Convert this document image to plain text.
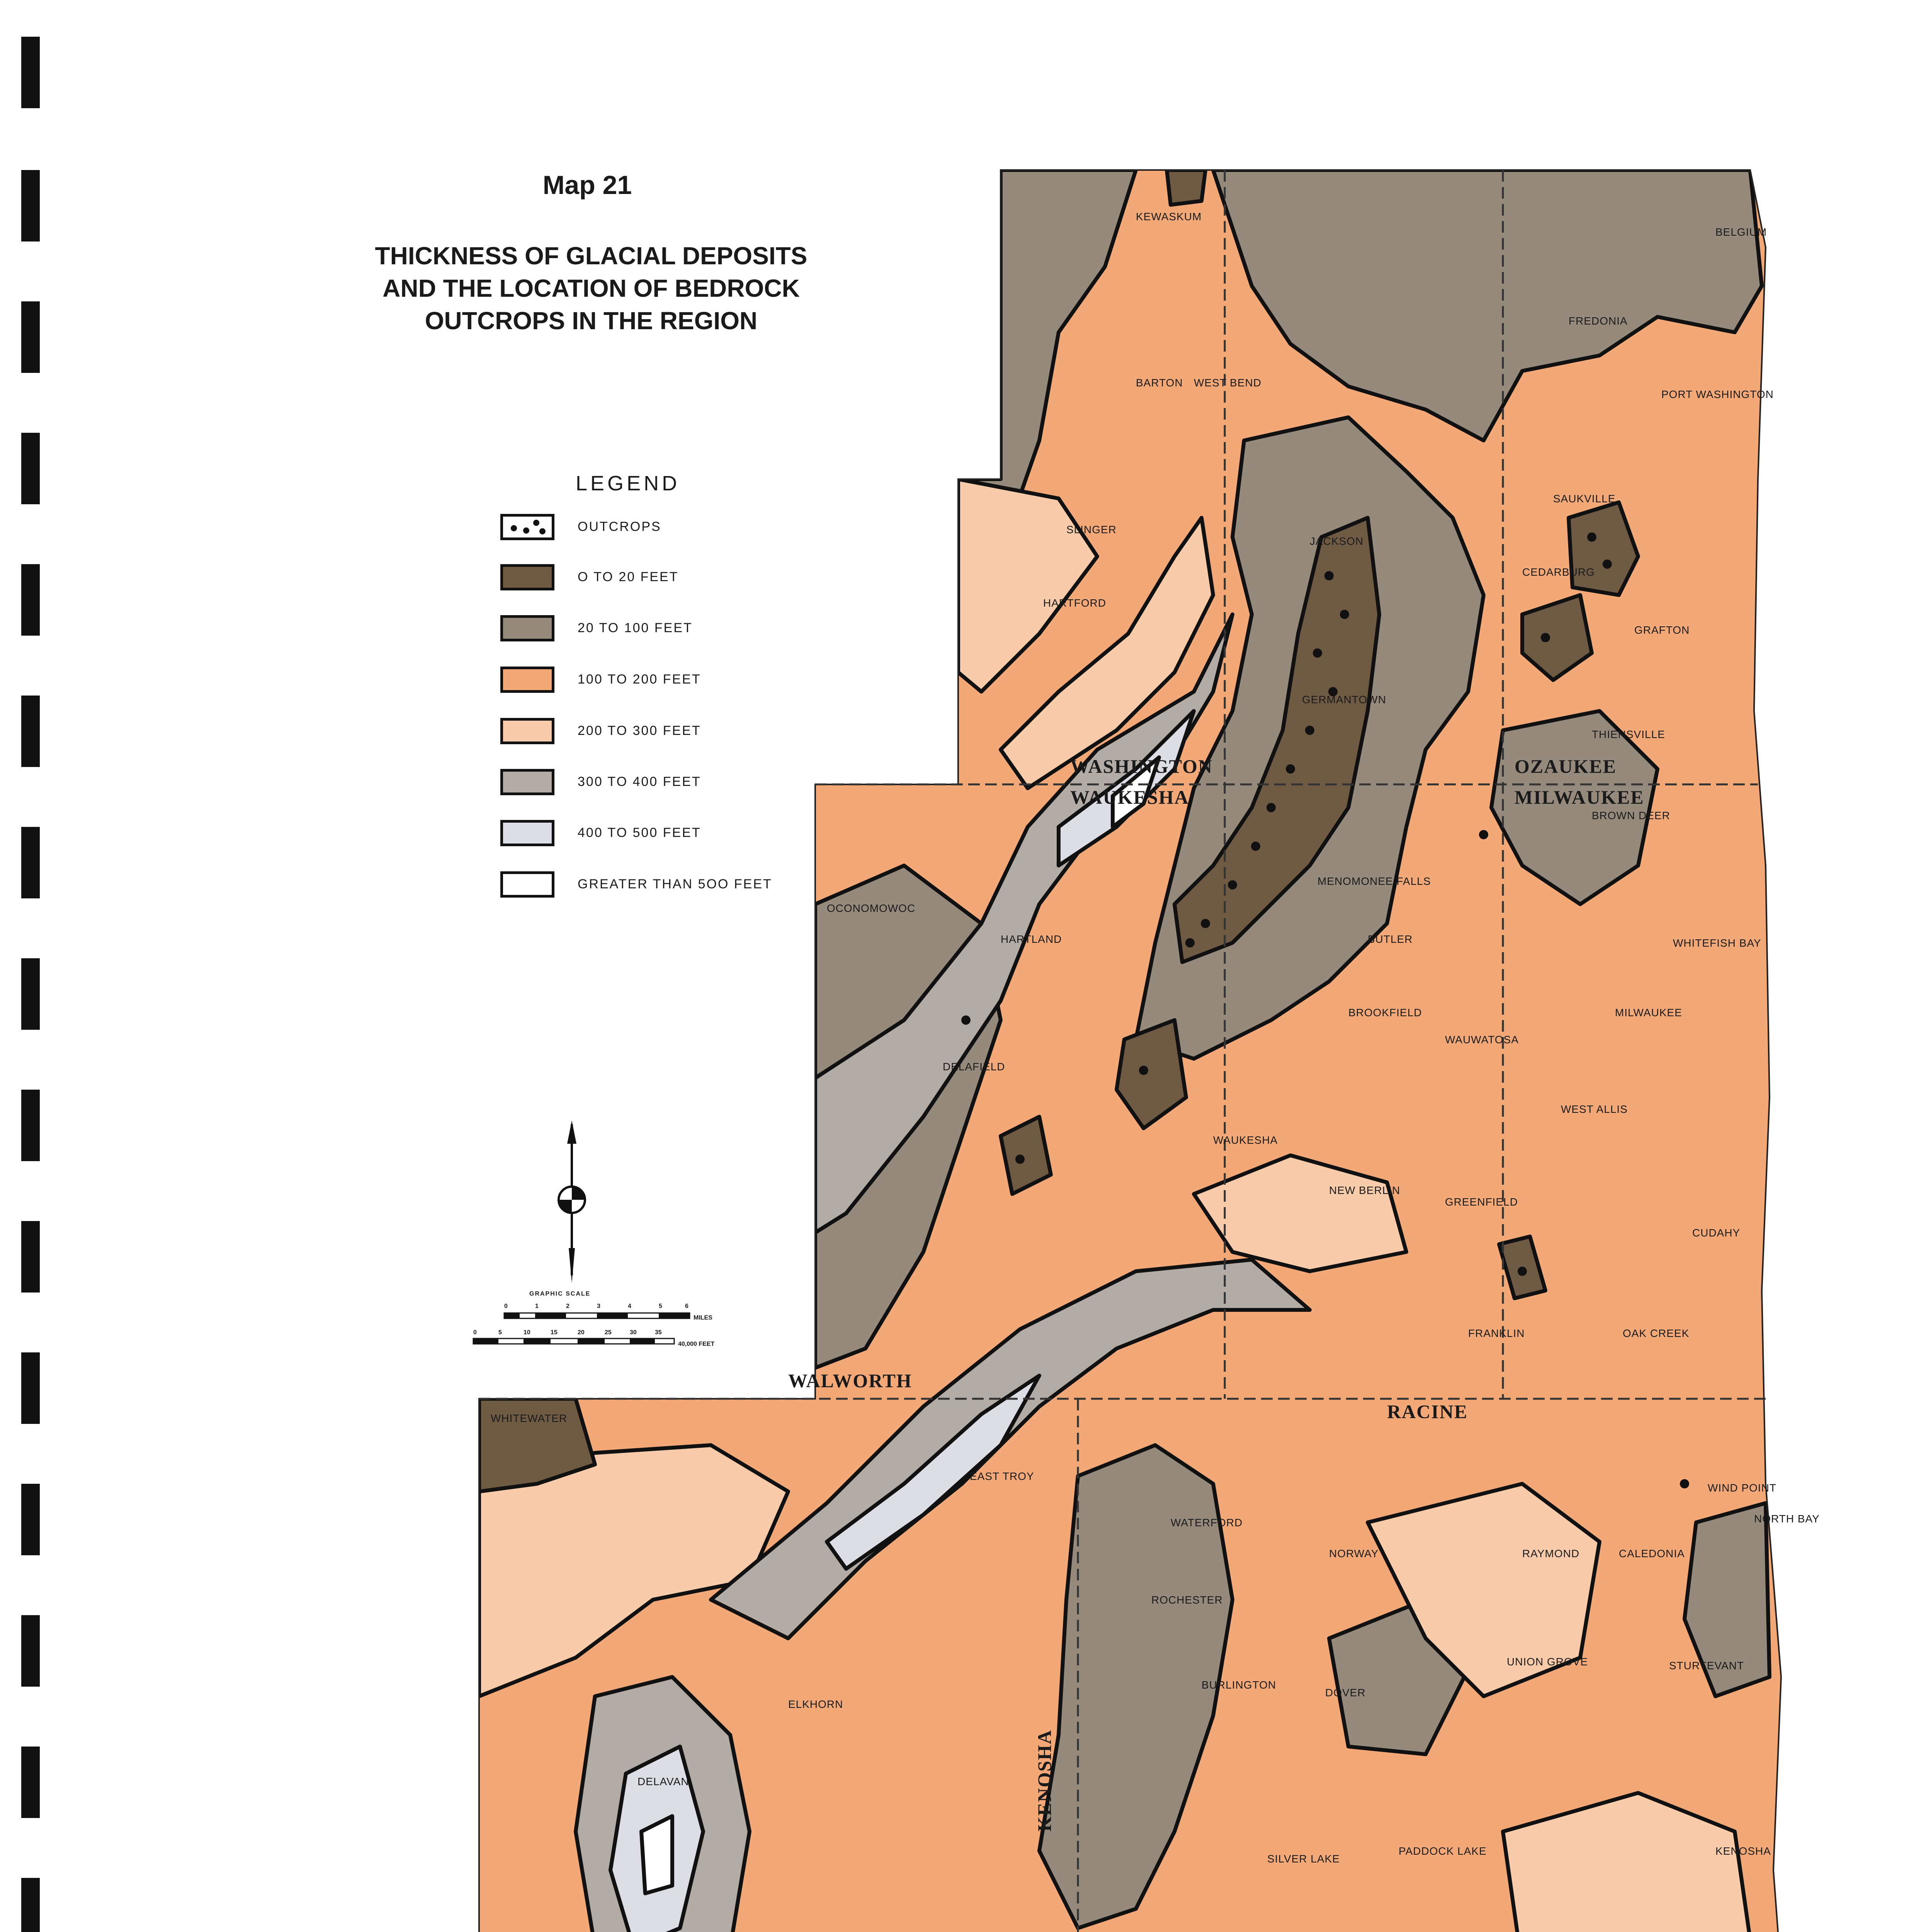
Map 21
THICKNESS OF GLACIAL DEPOSITS
AND THE LOCATION OF BEDROCK
OUTCROPS IN THE REGION
LEGEND
OUTCROPS
O TO 20 FEET
20 TO 100 FEET
100 TO 200 FEET
200 TO 300 FEET
300 TO 400 FEET
400 TO 500 FEET
GREATER THAN 5OO FEET
GRAPHIC SCALE
0	1	2	3	4	5	6
MILES
0	5	10	15	20	25	30	35
40,000 FEET
WASHINGTON
WAUKESHA
OZAUKEE
MILWAUKEE
WALWORTH
RACINE
KENOSHA
KEWASKUM
BELGIUM
FREDONIA
WEST BEND
BARTON
SAUKVILLE
PORT WASHINGTON
SLINGER
JACKSON
CEDARBURG
GRAFTON
HARTFORD
GERMANTOWN
THIENSVILLE
BROWN DEER
MENOMONEE FALLS
BUTLER	WHITEFISH BAY
OCONOMOWOC
HARTLAND
BROOKFIELD
WAUWATOSA
MILWAUKEE
DELAFIELD
WAUKESHA
WEST ALLIS
NEW BERLIN
CUDAHY
GREENFIELD
FRANKLIN	OAK CREEK
WHITEWATER
EAST TROY
WATERFORD
NORWAY	RAYMOND	CALEDONIA
ROCHESTER
BURLINGTON
UNION GROVE	STURTEVANT
DOVER
ELKHORN
DELAVAN
SILVER LAKE
PADDOCK LAKE	KENOSHA
WIND POINT
NORTH BAY
